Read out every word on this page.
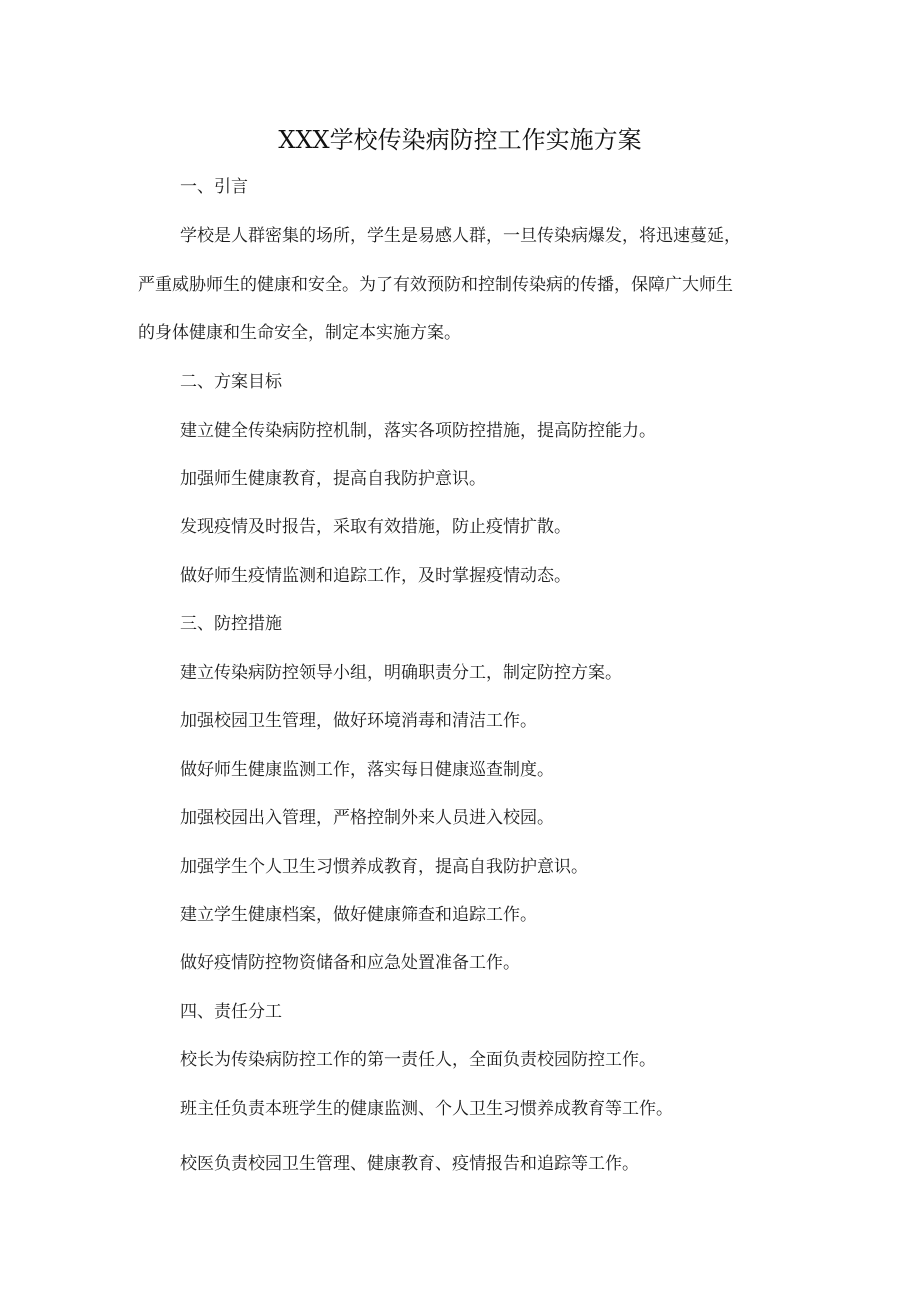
XXX学校传染病防控工作实施方案
一、引言
学校是人群密集的场所，学生是易感人群，一旦传染病爆发，将迅速蔓延，
严重威胁师生的健康和安全。为了有效预防和控制传染病的传播，保障广大师生
的身体健康和生命安全，制定本实施方案。
二、方案目标
建立健全传染病防控机制，落实各项防控措施，提高防控能力。
加强师生健康教育，提高自我防护意识。
发现疫情及时报告，采取有效措施，防止疫情扩散。
做好师生疫情监测和追踪工作，及时掌握疫情动态。
三、防控措施
建立传染病防控领导小组，明确职责分工，制定防控方案。
加强校园卫生管理，做好环境消毒和清洁工作。
做好师生健康监测工作，落实每日健康巡查制度。
加强校园出入管理，严格控制外来人员进入校园。
加强学生个人卫生习惯养成教育，提高自我防护意识。
建立学生健康档案，做好健康筛查和追踪工作。
做好疫情防控物资储备和应急处置准备工作。
四、责任分工
校长为传染病防控工作的第一责任人，全面负责校园防控工作。
班主任负责本班学生的健康监测、个人卫生习惯养成教育等工作。
校医负责校园卫生管理、健康教育、疫情报告和追踪等工作。
